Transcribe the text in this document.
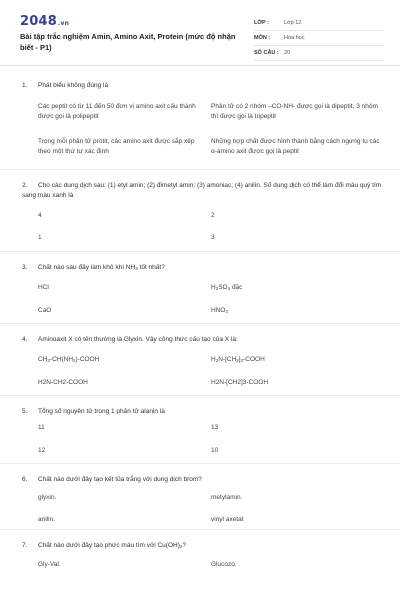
2048.vn
Bài tập trắc nghiệm Amin, Amino Axit, Protein (mức độ nhận biết - P1)
LỚP :	Lớp 12
MÔN :	Hóa học
SỐ CÂU : 20
1. Phát biểu không đúng là
Các peptit có từ 11 đến 50 đơn vị amino axit cấu thành được gọi là polipeptit
Phân tử có 2 nhóm –CO-NH- được gọi là dipeptit, 3 nhóm thì được gọi là tripeptit
Trong mỗi phân tử protit, các amino axit được sắp xếp theo một thứ tự xác định
Những hợp chất được hình thành bằng cách ngưng tụ các α-amino axit được gọi là peptit
2. Cho các dung dịch sau: (1) etyl amin; (2) đimetyl amin; (3) amoniac; (4) anilin. Số dung dịch có thể làm đổi màu quỳ tím sang màu xanh là
4	2
1	3
3. Chất nào sau đây làm khô khí $NH_3$ tốt nhất?
HCl	$H_2SO_4$ đặc
CaO	$HNO_3$
4. Aminoaxit X có tên thường là Glyxin. Vậy công thức cấu tạo của X là:
$CH_3-CH(NH_2)$-COOH	$H_2N-[CH_2]_2$-COOH
H2N-CH2-COOH	H2N-[CH2]3-COOH
5. Tổng số nguyên tử trong 1 phân tử alanin là
11	13
12	10
6. Chất nào dưới đây tạo kết tủa trắng với dung dịch brom?
glyxin.	metylamin.
anilin.	vinyl axetat
7. Chất nào dưới đây tạo phức màu tím với $Cu(OH)_2$?
Gly-Val.	Glucozo.
